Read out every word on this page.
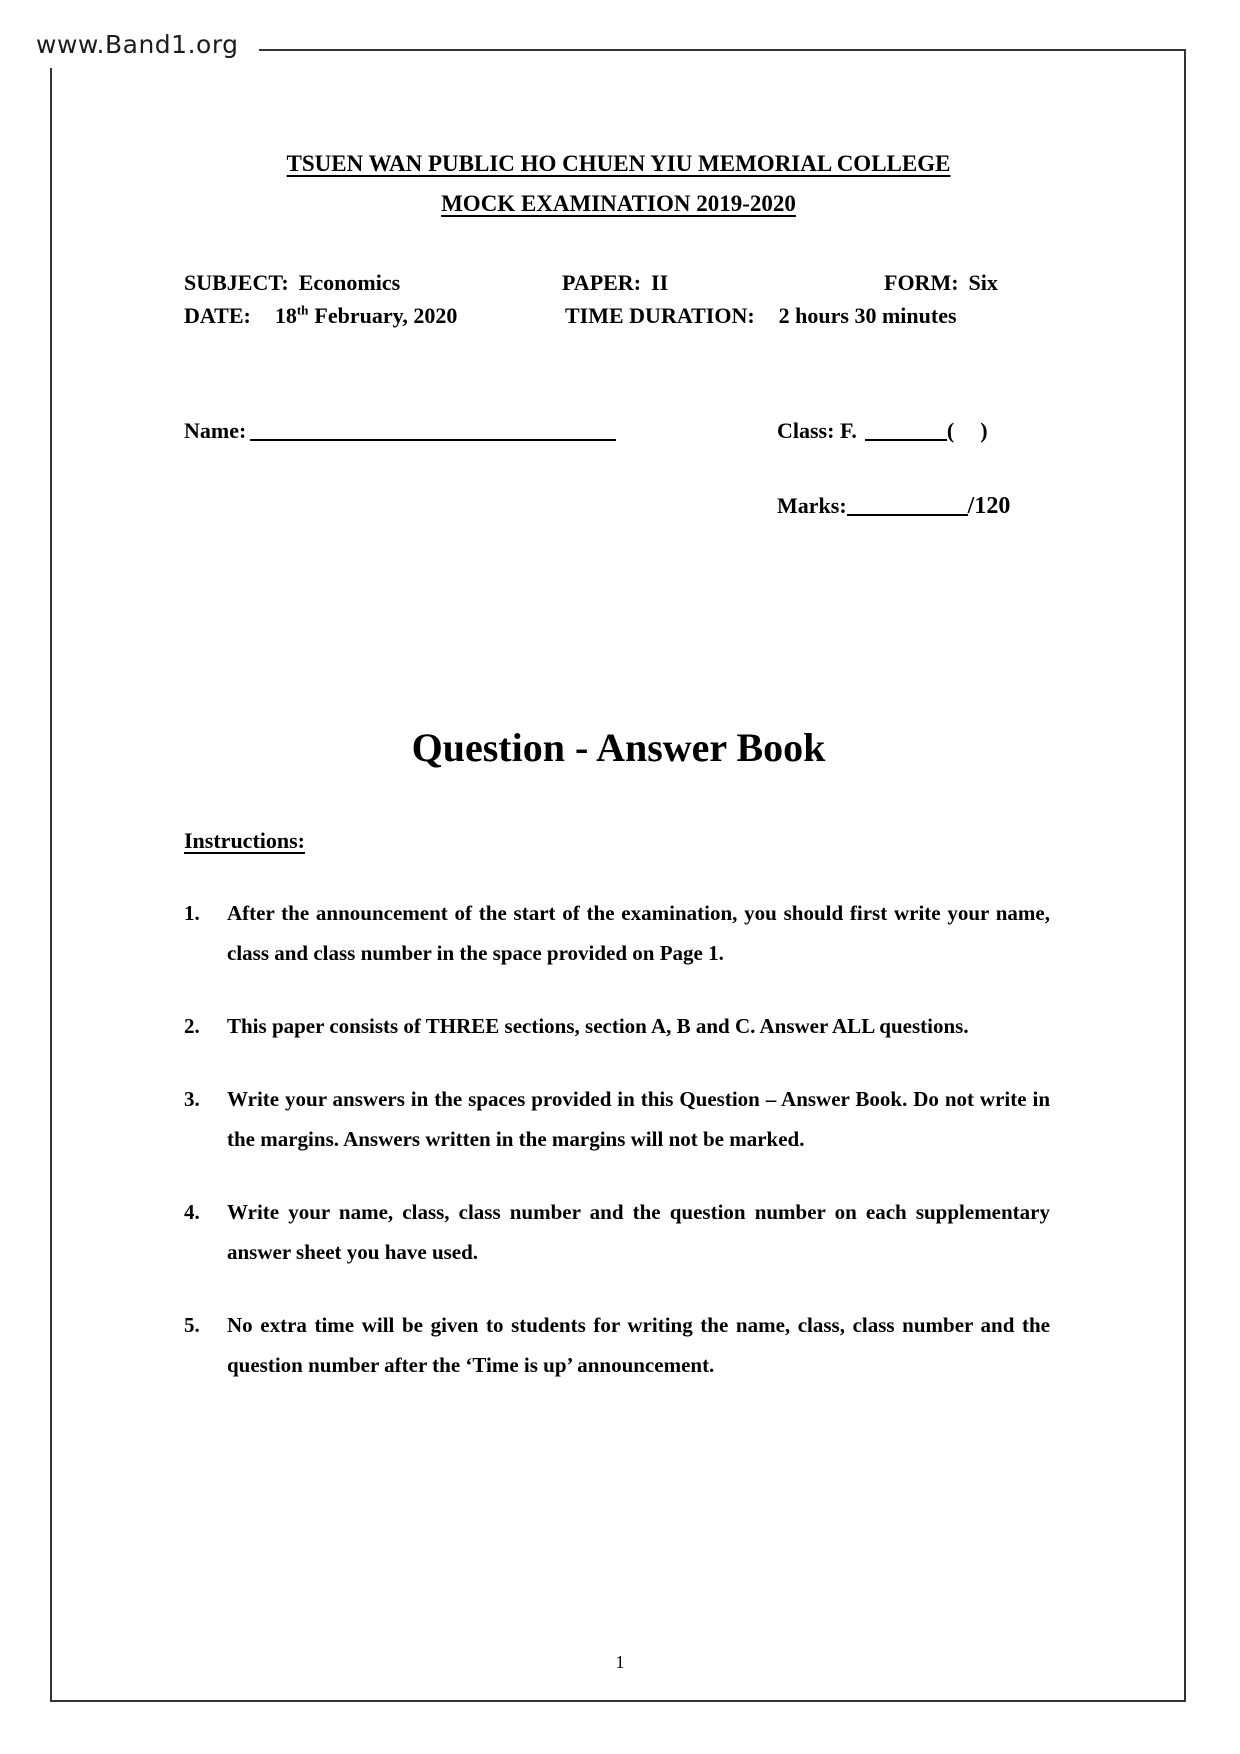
www.Band1.org
TSUEN WAN PUBLIC HO CHUEN YIU MEMORIAL COLLEGE
MOCK EXAMINATION 2019-2020
SUBJECT: Economics	PAPER: II	FORM: Six
DATE: 18th February, 2020	TIME DURATION: 2 hours 30 minutes
Name:	Class: F.	( )
Marks:	/120
Question - Answer Book
Instructions:
1.	After the announcement of the start of the examination, you should first write your name, class and class number in the space provided on Page 1.
2.	This paper consists of THREE sections, section A, B and C. Answer ALL questions.
3.	Write your answers in the spaces provided in this Question – Answer Book. Do not write in the margins. Answers written in the margins will not be marked.
4.	Write your name, class, class number and the question number on each supplementary answer sheet you have used.
5.	No extra time will be given to students for writing the name, class, class number and the question number after the ‘Time is up’ announcement.
1
